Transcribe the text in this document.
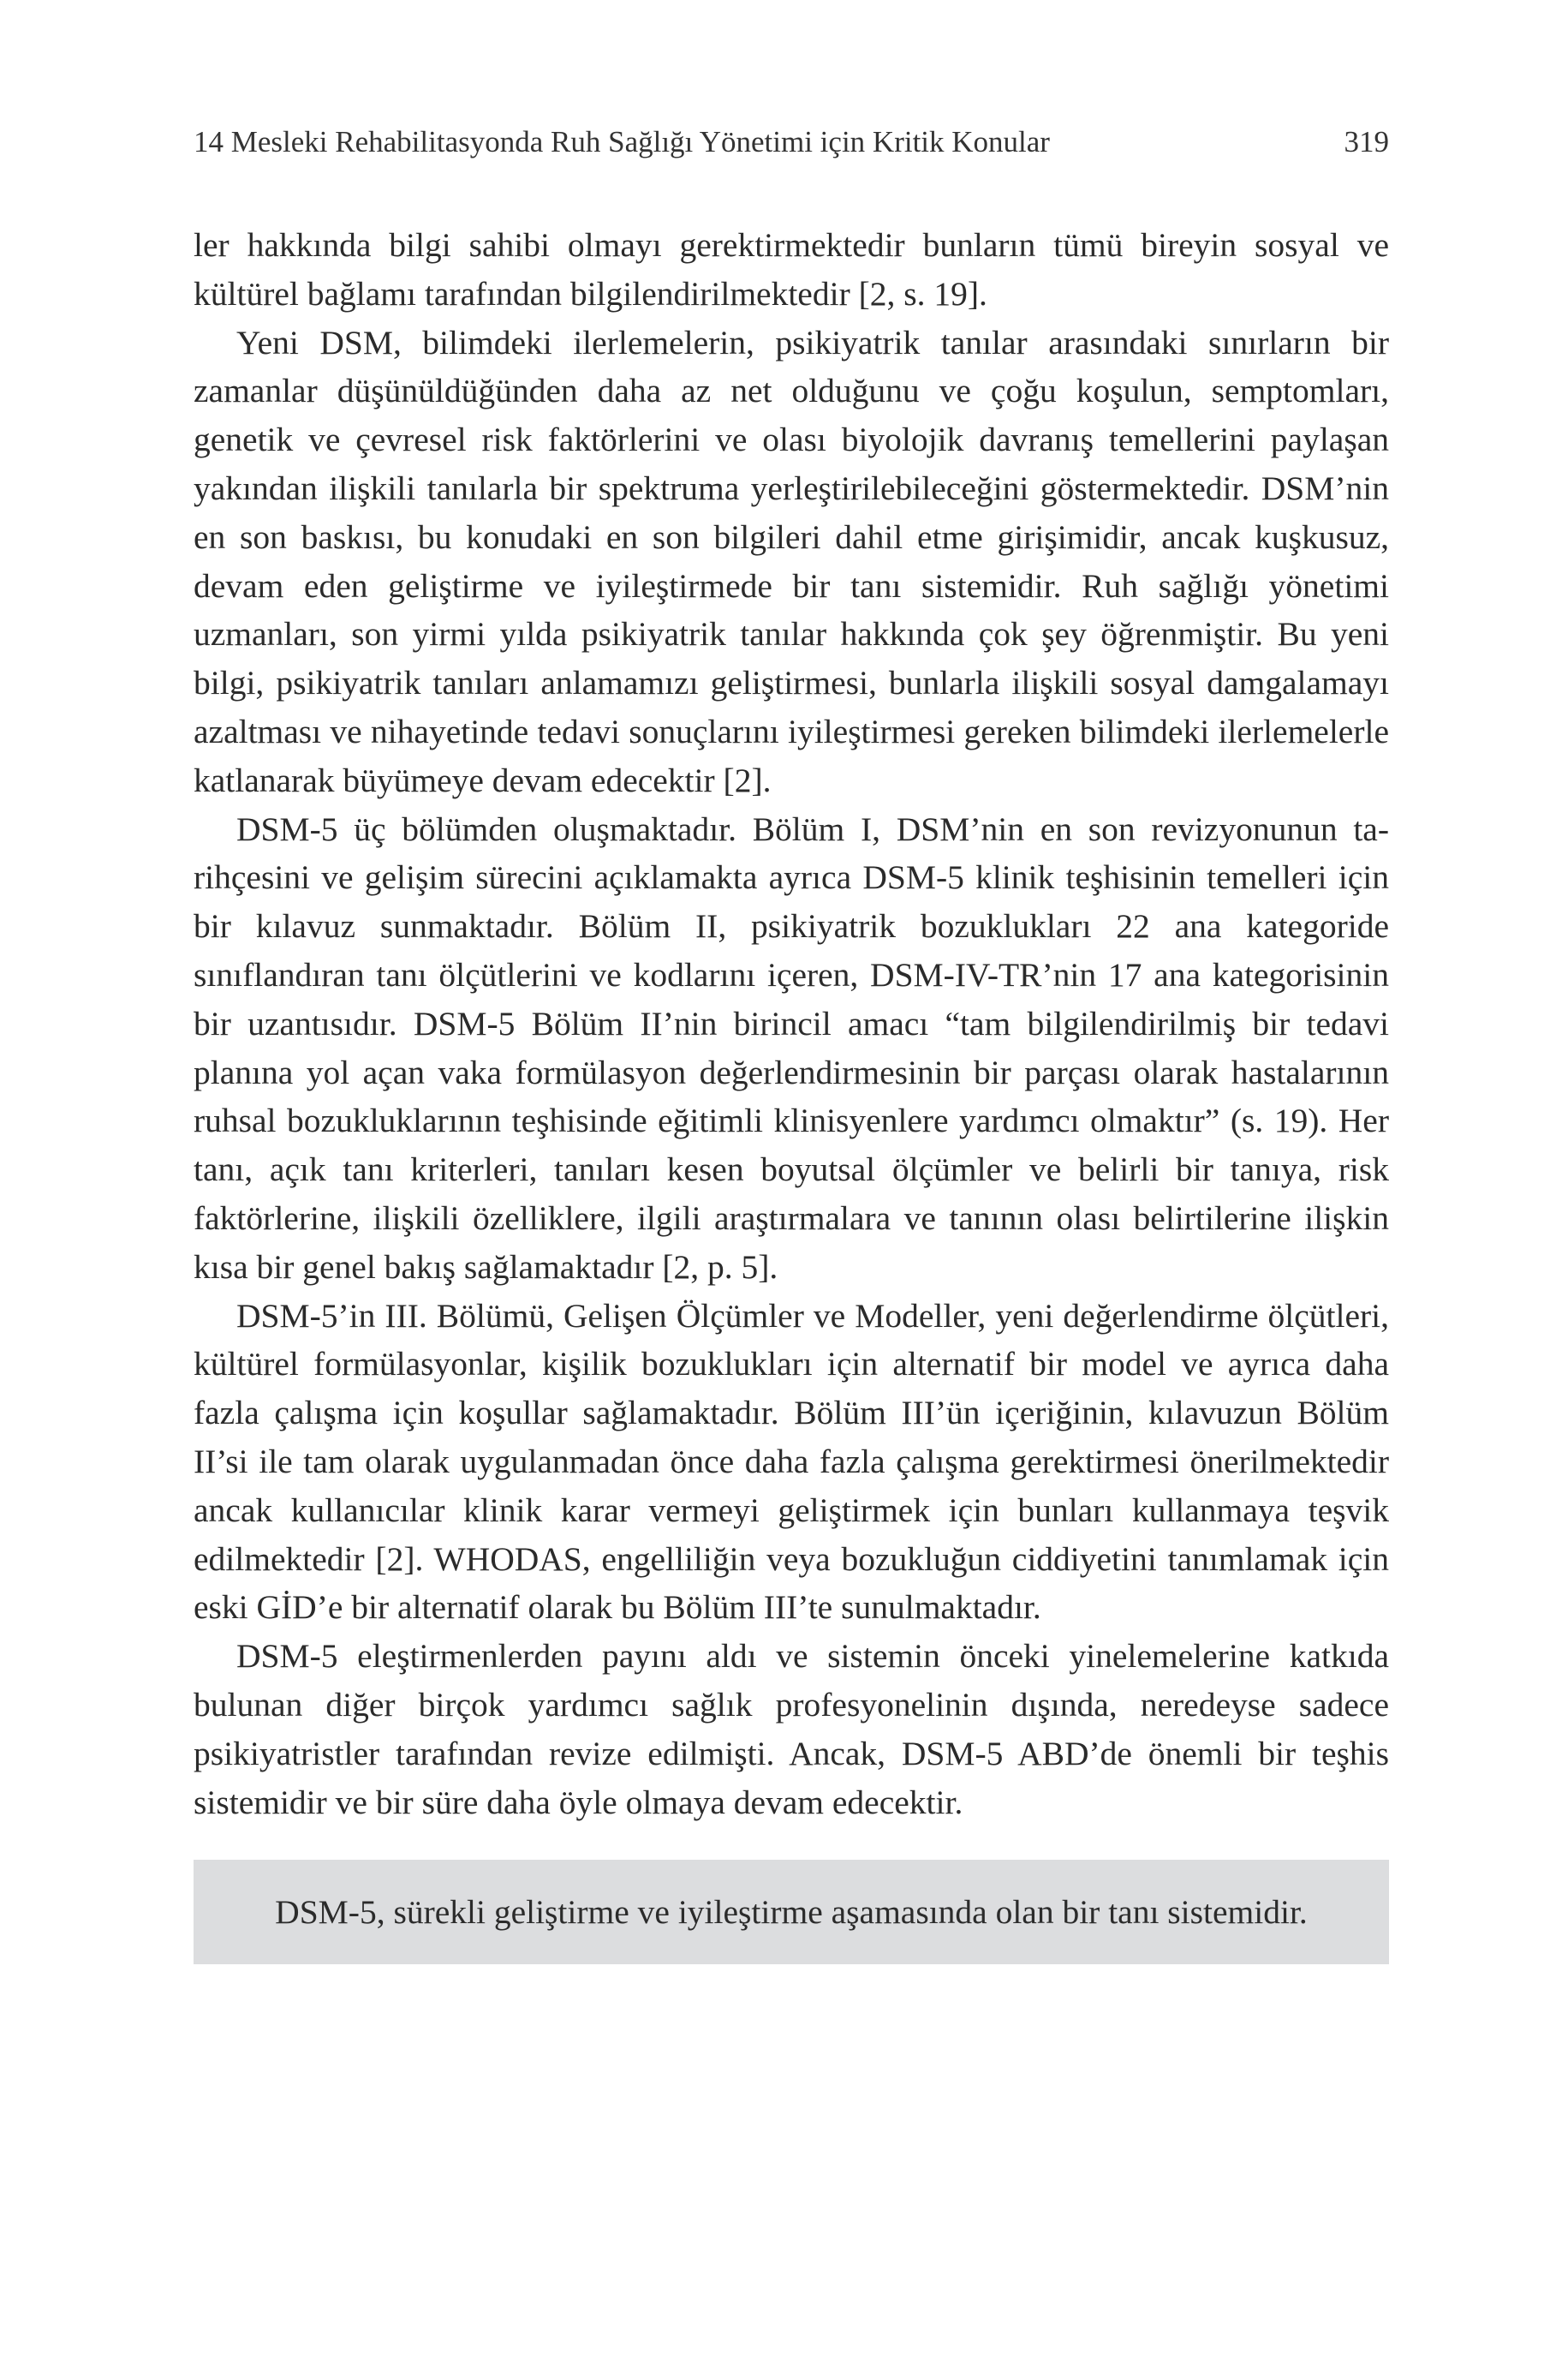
14 Mesleki Rehabilitasyonda Ruh Sağlığı Yönetimi için Kritik Konular	319

ler hakkında bilgi sahibi olmayı gerektirmektedir bunların tümü bireyin sosyal ve kültürel bağlamı tarafından bilgilendirilmektedir [2, s. 19].

Yeni DSM, bilimdeki ilerlemelerin, psikiyatrik tanılar arasındaki sınırların bir zamanlar düşünüldüğünden daha az net olduğunu ve çoğu koşulun, semptomları, genetik ve çevresel risk faktörlerini ve olası biyolojik davranış temellerini paylaşan yakından ilişkili tanılarla bir spektruma yerleştirilebileceğini göstermektedir. DSM’nin en son baskısı, bu konudaki en son bilgileri dahil etme girişimidir, ancak kuşkusuz, devam eden geliştirme ve iyileştirmede bir tanı sistemidir. Ruh sağlığı yönetimi uzmanları, son yirmi yılda psikiyatrik tanılar hakkında çok şey öğrenmiştir. Bu yeni bilgi, psikiyatrik tanıları anlamamızı geliştirmesi, bunlarla ilişkili sosyal damgalamayı azaltması ve nihayetinde tedavi sonuçlarını iyileştirmesi gereken bilimdeki ilerlemelerle katlanarak büyümeye devam edecektir [2].

DSM-5 üç bölümden oluşmaktadır. Bölüm I, DSM’nin en son revizyonunun tarihçesini ve gelişim sürecini açıklamakta ayrıca DSM-5 klinik teşhisinin temelleri için bir kılavuz sunmaktadır. Bölüm II, psikiyatrik bozuklukları 22 ana kategoride sınıflandıran tanı ölçütlerini ve kodlarını içeren, DSM-IV-TR’nin 17 ana kategorisinin bir uzantısıdır. DSM-5 Bölüm II’nin birincil amacı “tam bilgilendirilmiş bir tedavi planına yol açan vaka formülasyon değerlendirmesinin bir parçası olarak hastalarının ruhsal bozukluklarının teşhisinde eğitimli klinisyenlere yardımcı olmaktır” (s. 19). Her tanı, açık tanı kriterleri, tanıları kesen boyutsal ölçümler ve belirli bir tanıya, risk faktörlerine, ilişkili özelliklere, ilgili araştırmalara ve tanının olası belirtilerine ilişkin kısa bir genel bakış sağlamaktadır [2, p. 5].

DSM-5’in III. Bölümü, Gelişen Ölçümler ve Modeller, yeni değerlendirme ölçütleri, kültürel formülasyonlar, kişilik bozuklukları için alternatif bir model ve ayrıca daha fazla çalışma için koşullar sağlamaktadır. Bölüm III’ün içeriğinin, kılavuzun Bölüm II’si ile tam olarak uygulanmadan önce daha fazla çalışma gerektirmesi önerilmektedir ancak kullanıcılar klinik karar vermeyi geliştirmek için bunları kullanmaya teşvik edilmektedir [2]. WHODAS, engelliliğin veya bozukluğun ciddiyetini tanımlamak için eski GİD’e bir alternatif olarak bu Bölüm III’te sunulmaktadır.

DSM-5 eleştirmenlerden payını aldı ve sistemin önceki yinelemelerine katkıda bulunan diğer birçok yardımcı sağlık profesyonelinin dışında, neredeyse sadece psikiyatristler tarafından revize edilmişti. Ancak, DSM-5 ABD’de önemli bir teşhis sistemidir ve bir süre daha öyle olmaya devam edecektir.

DSM-5, sürekli geliştirme ve iyileştirme aşamasında olan bir tanı sistemidir.
